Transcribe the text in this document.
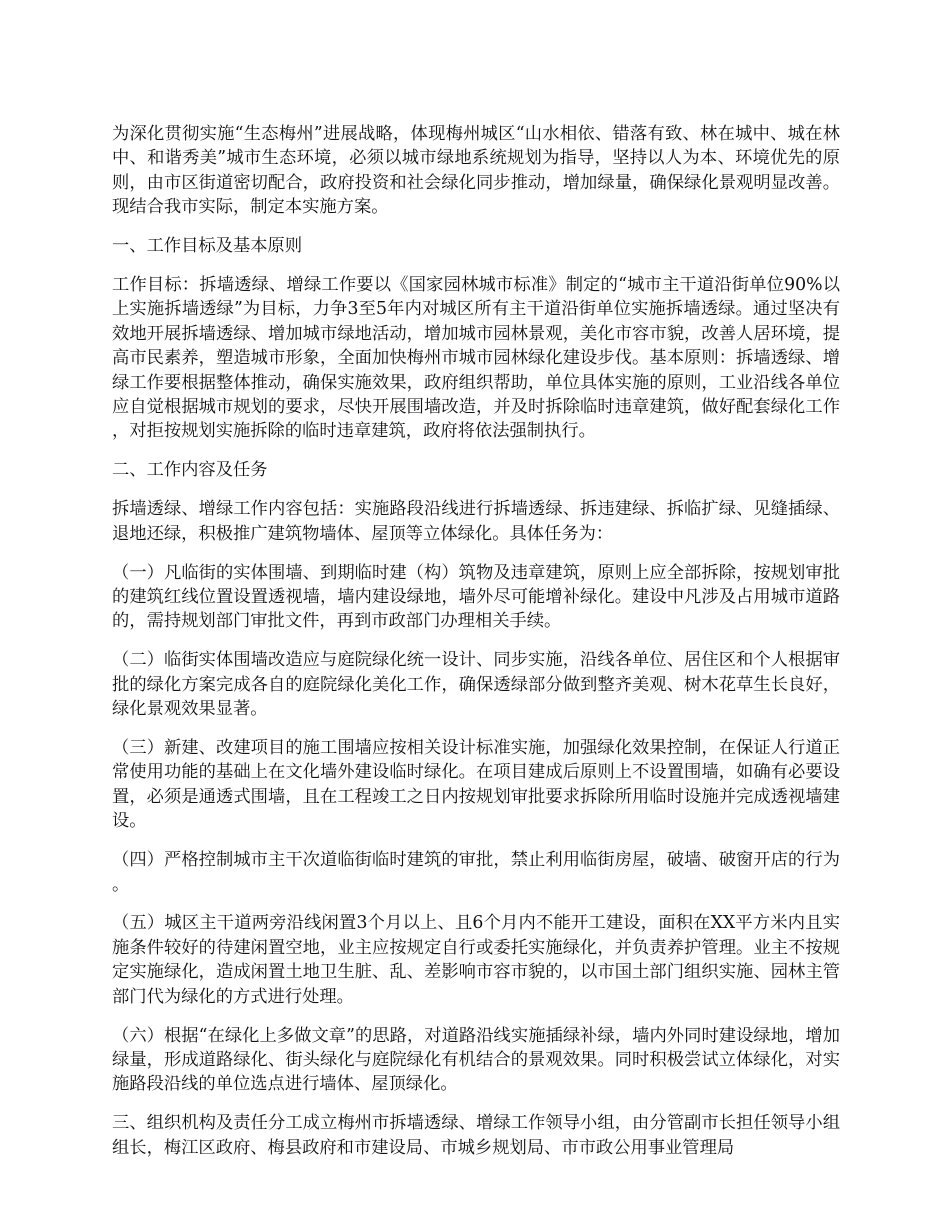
为深化贯彻实施“生态梅州”进展战略，体现梅州城区“山水相依、错落有致、林在城中、城在林中、和谐秀美”城市生态环境，必须以城市绿地系统规划为指导，坚持以人为本、环境优先的原则，由市区街道密切配合，政府投资和社会绿化同步推动，增加绿量，确保绿化景观明显改善。现结合我市实际，制定本实施方案。

一、工作目标及基本原则

工作目标：拆墙透绿、增绿工作要以《国家园林城市标准》制定的“城市主干道沿街单位90%以上实施拆墙透绿”为目标，力争3至5年内对城区所有主干道沿街单位实施拆墙透绿。通过坚决有效地开展拆墙透绿、增加城市绿地活动，增加城市园林景观，美化市容市貌，改善人居环境，提高市民素养，塑造城市形象，全面加快梅州市城市园林绿化建设步伐。基本原则：拆墙透绿、增绿工作要根据整体推动，确保实施效果，政府组织帮助，单位具体实施的原则，工业沿线各单位应自觉根据城市规划的要求，尽快开展围墙改造，并及时拆除临时违章建筑，做好配套绿化工作，对拒按规划实施拆除的临时违章建筑，政府将依法强制执行。

二、工作内容及任务

拆墙透绿、增绿工作内容包括：实施路段沿线进行拆墙透绿、拆违建绿、拆临扩绿、见缝插绿、退地还绿，积极推广建筑物墙体、屋顶等立体绿化。具体任务为：

（一）凡临街的实体围墙、到期临时建（构）筑物及违章建筑，原则上应全部拆除，按规划审批的建筑红线位置设置透视墙，墙内建设绿地，墙外尽可能增补绿化。建设中凡涉及占用城市道路的，需持规划部门审批文件，再到市政部门办理相关手续。

（二）临街实体围墙改造应与庭院绿化统一设计、同步实施，沿线各单位、居住区和个人根据审批的绿化方案完成各自的庭院绿化美化工作，确保透绿部分做到整齐美观、树木花草生长良好，绿化景观效果显著。

（三）新建、改建项目的施工围墙应按相关设计标准实施，加强绿化效果控制，在保证人行道正常使用功能的基础上在文化墙外建设临时绿化。在项目建成后原则上不设置围墙，如确有必要设置，必须是通透式围墙，且在工程竣工之日内按规划审批要求拆除所用临时设施并完成透视墙建设。

（四）严格控制城市主干次道临街临时建筑的审批，禁止利用临街房屋，破墙、破窗开店的行为。

（五）城区主干道两旁沿线闲置3个月以上、且6个月内不能开工建设，面积在XX平方米内且实施条件较好的待建闲置空地，业主应按规定自行或委托实施绿化，并负责养护管理。业主不按规定实施绿化，造成闲置土地卫生脏、乱、差影响市容市貌的，以市国土部门组织实施、园林主管部门代为绿化的方式进行处理。

（六）根据“在绿化上多做文章”的思路，对道路沿线实施插绿补绿，墙内外同时建设绿地，增加绿量，形成道路绿化、街头绿化与庭院绿化有机结合的景观效果。同时积极尝试立体绿化，对实施路段沿线的单位选点进行墙体、屋顶绿化。

三、组织机构及责任分工成立梅州市拆墙透绿、增绿工作领导小组，由分管副市长担任领导小组组长，梅江区政府、梅县政府和市建设局、市城乡规划局、市市政公用事业管理局
